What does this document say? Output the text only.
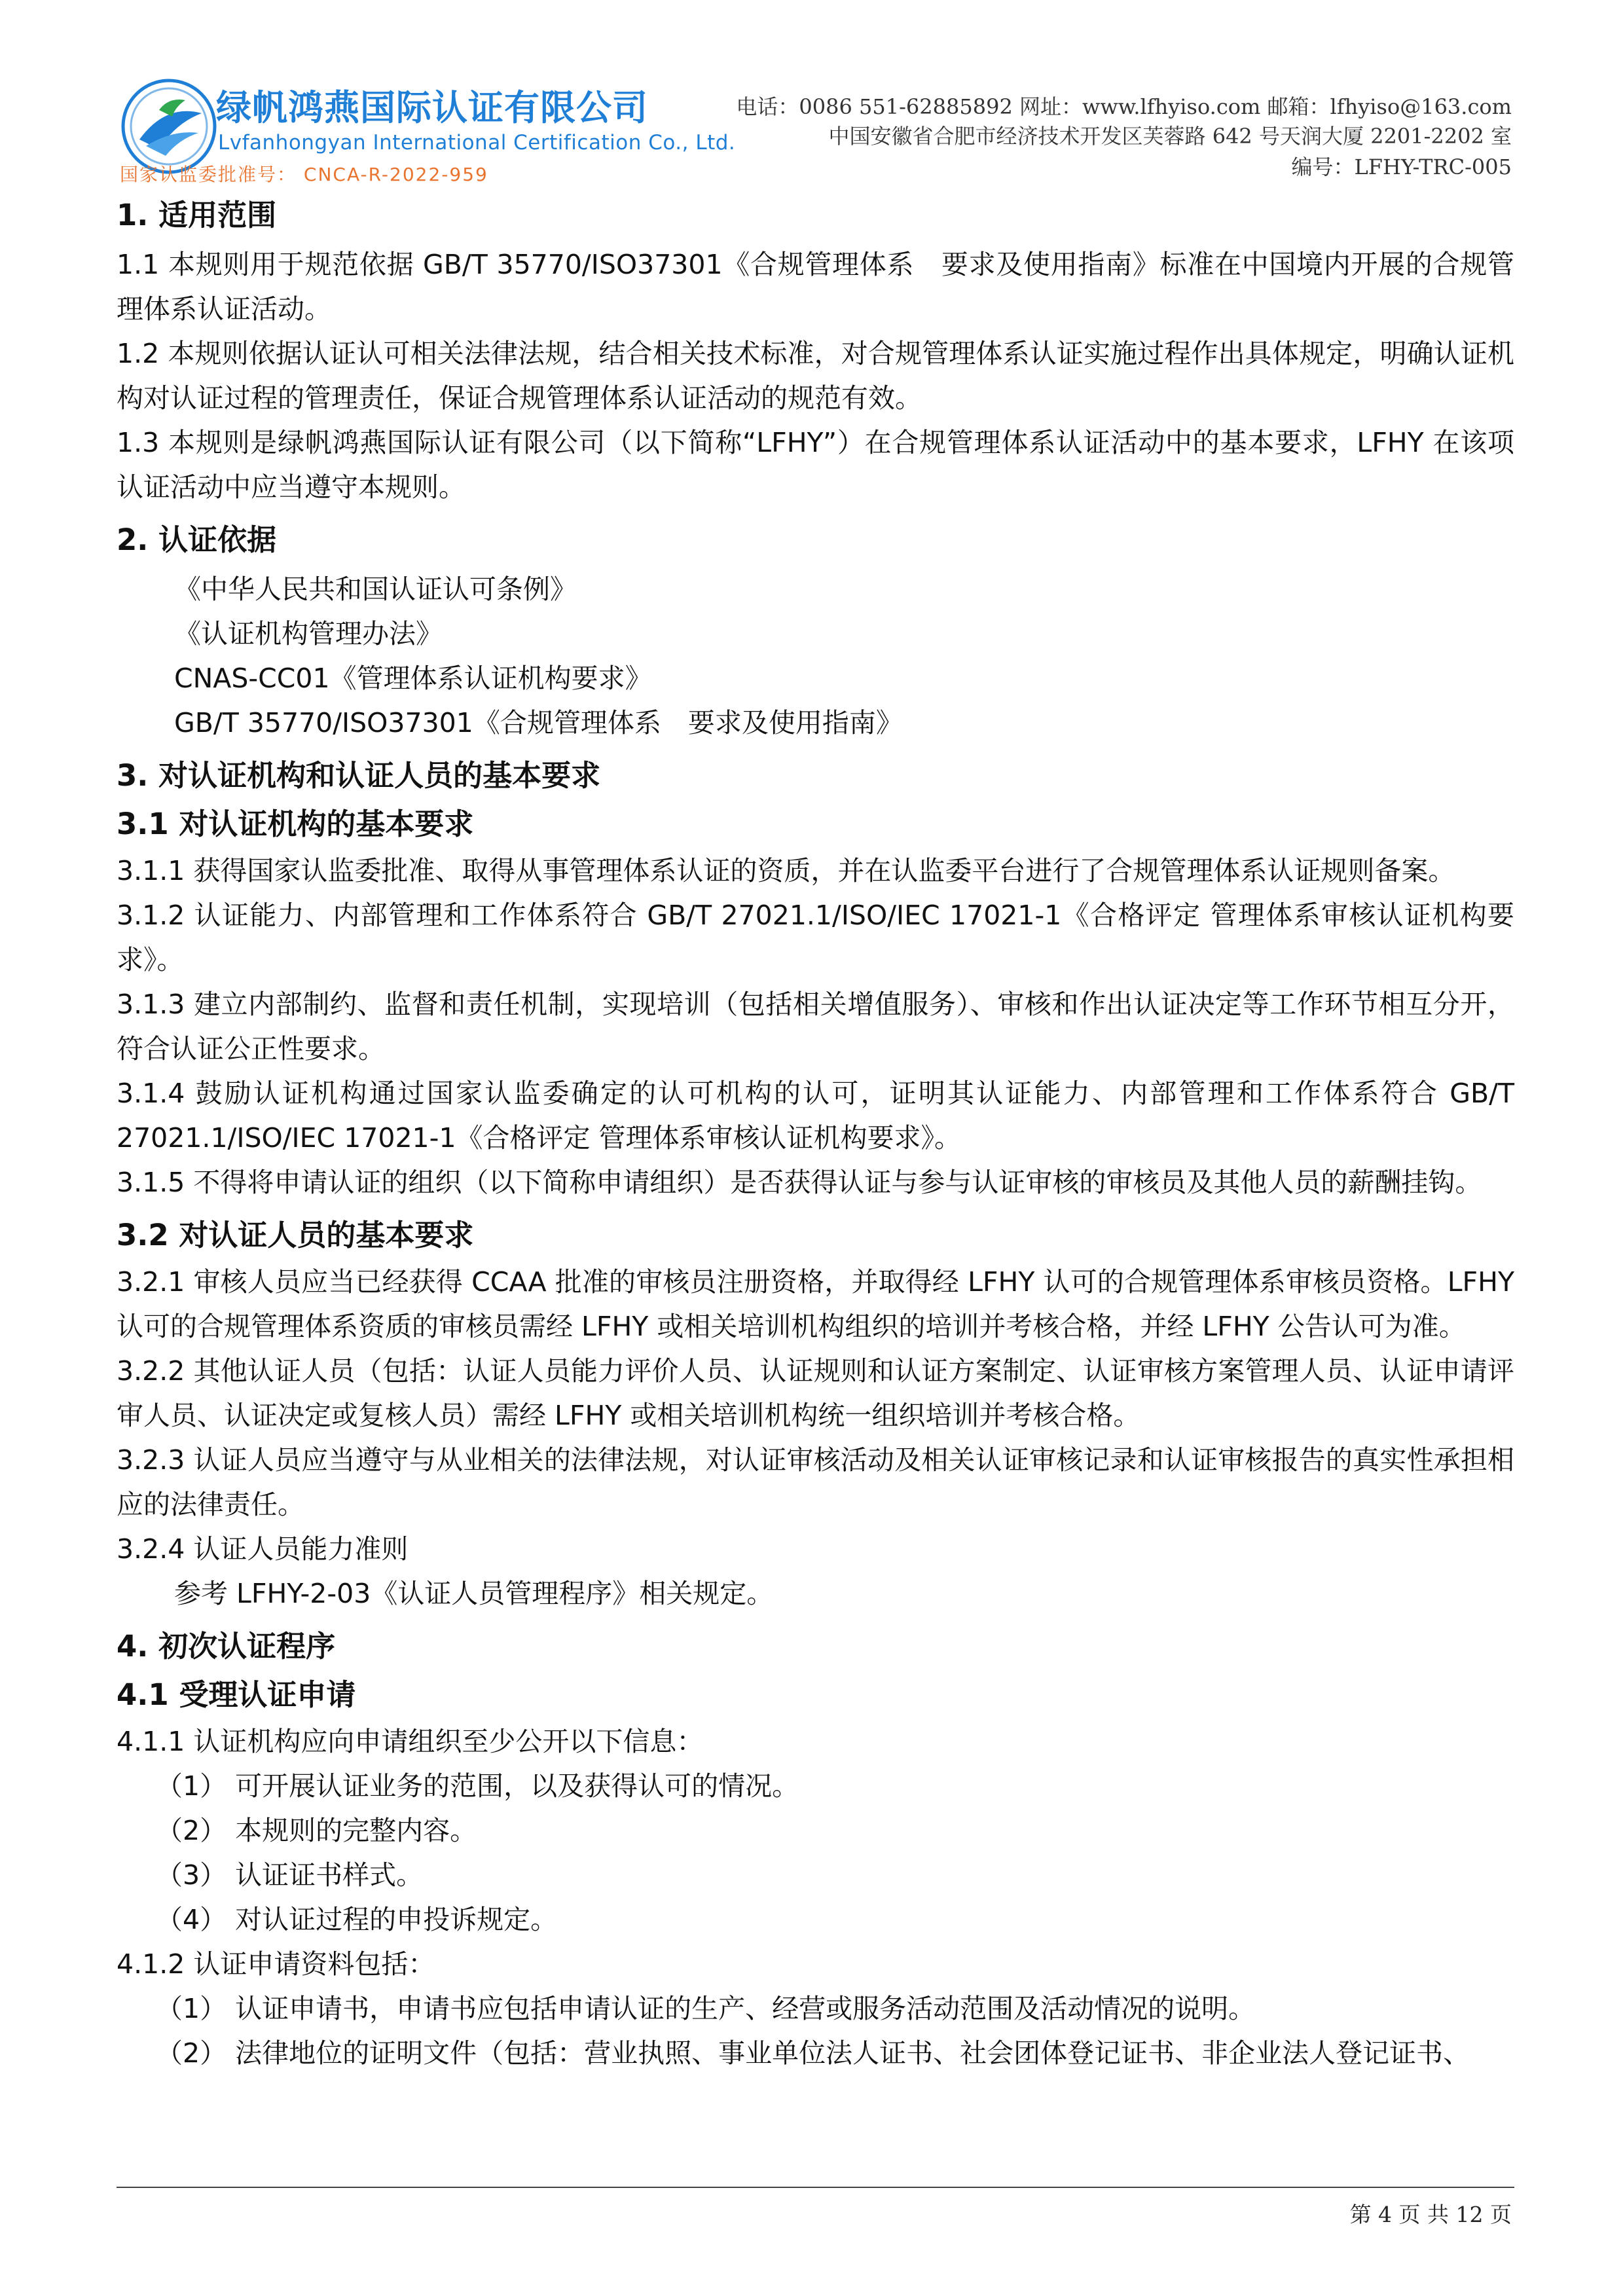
绿帆鸿燕国际认证有限公司
Lvfanhongyan International Certification Co., Ltd.
国家认监委批准号： CNCA-R-2022-959
电话：0086 551-62885892 网址：www.lfhyiso.com 邮箱：lfhyiso@163.com
中国安徽省合肥市经济技术开发区芙蓉路 642 号天润大厦 2201-2202 室
编号：LFHY-TRC-005
1. 适用范围

1.1 本规则用于规范依据 GB/T 35770/ISO37301《合规管理体系　要求及使用指南》标准在中国境内开展的合规管理体系认证活动。

1.2 本规则依据认证认可相关法律法规，结合相关技术标准，对合规管理体系认证实施过程作出具体规定，明确认证机构对认证过程的管理责任，保证合规管理体系认证活动的规范有效。

1.3 本规则是绿帆鸿燕国际认证有限公司（以下简称“LFHY”）在合规管理体系认证活动中的基本要求，LFHY 在该项认证活动中应当遵守本规则。

2. 认证依据

《中华人民共和国认证认可条例》

《认证机构管理办法》

CNAS-CC01《管理体系认证机构要求》

GB/T 35770/ISO37301《合规管理体系　要求及使用指南》

3. 对认证机构和认证人员的基本要求
3.1 对认证机构的基本要求

3.1.1 获得国家认监委批准、取得从事管理体系认证的资质，并在认监委平台进行了合规管理体系认证规则备案。

3.1.2 认证能力、内部管理和工作体系符合 GB/T 27021.1/ISO/IEC 17021-1《合格评定 管理体系审核认证机构要求》。

3.1.3 建立内部制约、监督和责任机制，实现培训（包括相关增值服务）、审核和作出认证决定等工作环节相互分开，符合认证公正性要求。

3.1.4 鼓励认证机构通过国家认监委确定的认可机构的认可，证明其认证能力、内部管理和工作体系符合 GB/T 27021.1/ISO/IEC 17021-1《合格评定 管理体系审核认证机构要求》。

3.1.5 不得将申请认证的组织（以下简称申请组织）是否获得认证与参与认证审核的审核员及其他人员的薪酬挂钩。

3.2 对认证人员的基本要求

3.2.1 审核人员应当已经获得 CCAA 批准的审核员注册资格，并取得经 LFHY 认可的合规管理体系审核员资格。LFHY 认可的合规管理体系资质的审核员需经 LFHY 或相关培训机构组织的培训并考核合格，并经 LFHY 公告认可为准。

3.2.2 其他认证人员（包括：认证人员能力评价人员、认证规则和认证方案制定、认证审核方案管理人员、认证申请评审人员、认证决定或复核人员）需经 LFHY 或相关培训机构统一组织培训并考核合格。

3.2.3 认证人员应当遵守与从业相关的法律法规，对认证审核活动及相关认证审核记录和认证审核报告的真实性承担相应的法律责任。

3.2.4 认证人员能力准则

参考 LFHY-2-03《认证人员管理程序》相关规定。

4. 初次认证程序
4.1 受理认证申请

4.1.1 认证机构应向申请组织至少公开以下信息：

（1） 可开展认证业务的范围，以及获得认可的情况。

（2） 本规则的完整内容。

（3） 认证证书样式。

（4） 对认证过程的申投诉规定。

4.1.2 认证申请资料包括：

（1） 认证申请书，申请书应包括申请认证的生产、经营或服务活动范围及活动情况的说明。

（2） 法律地位的证明文件（包括：营业执照、事业单位法人证书、社会团体登记证书、非企业法人登记证书、

第 4 页 共 12 页
